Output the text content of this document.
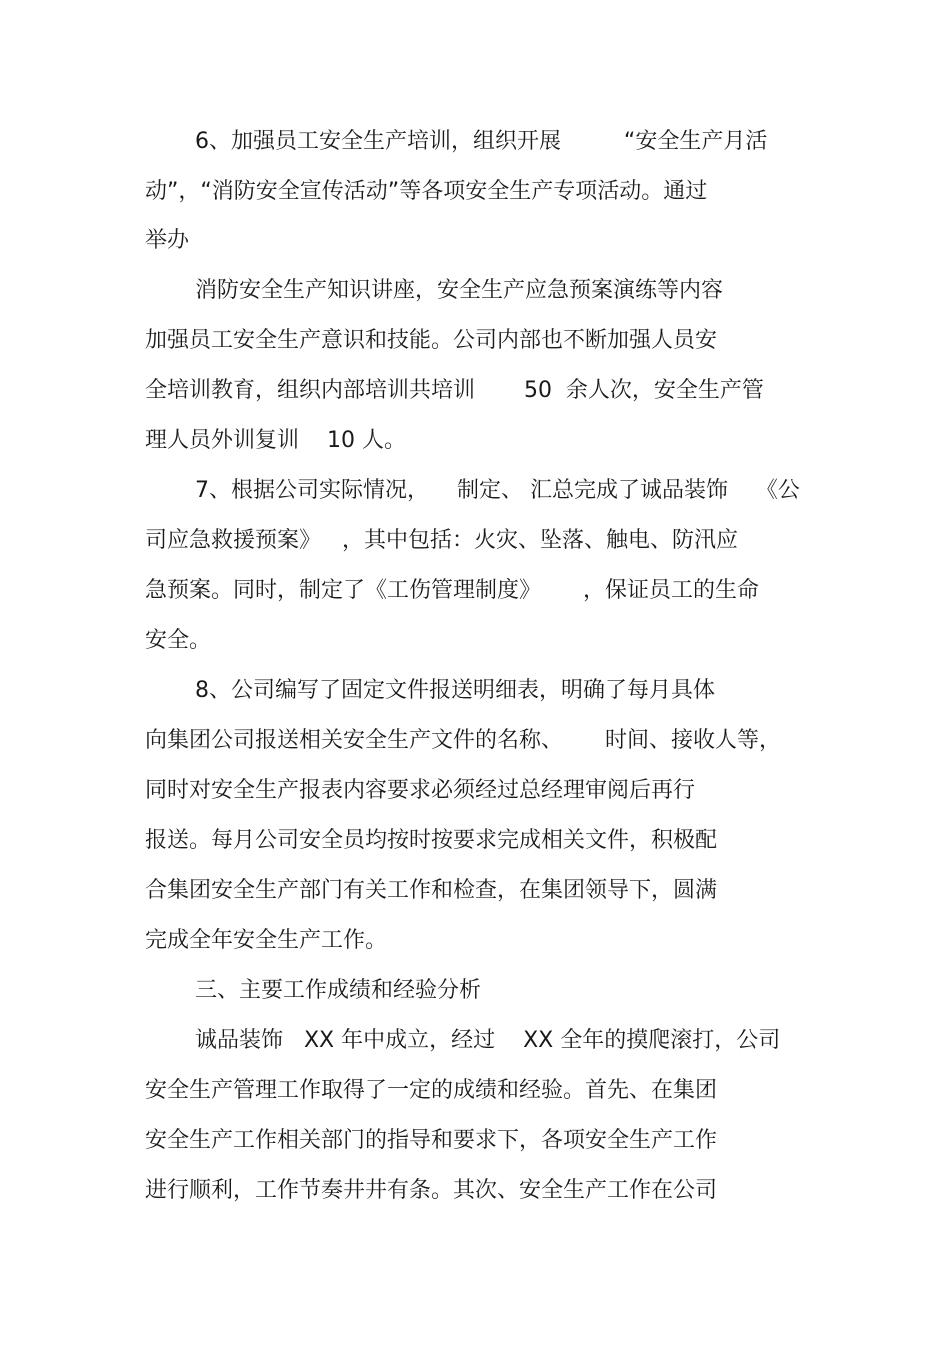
6、加强员工安全生产培训，组织开展         “安全生产月活
动”，“消防安全宣传活动”等各项安全生产专项活动。通过
举办
消防安全生产知识讲座，安全生产应急预案演练等内容
加强员工安全生产意识和技能。公司内部也不断加强人员安
全培训教育，组织内部培训共培训       50  余人次，安全生产管
理人员外训复训    10 人。
7、根据公司实际情况，    制定、 汇总完成了诚品装饰    《公
司应急救援预案》   ，其中包括：火灾、坠落、触电、防汛应
急预案。同时，制定了《工伤管理制度》      ，保证员工的生命
安全。
8、公司编写了固定文件报送明细表，明确了每月具体
向集团公司报送相关安全生产文件的名称、      时间、接收人等，
同时对安全生产报表内容要求必须经过总经理审阅后再行
报送。每月公司安全员均按时按要求完成相关文件，积极配
合集团安全生产部门有关工作和检查，在集团领导下，圆满
完成全年安全生产工作。
三、主要工作成绩和经验分析
诚品装饰   XX 年中成立，经过    XX 全年的摸爬滚打，公司
安全生产管理工作取得了一定的成绩和经验。首先、在集团
安全生产工作相关部门的指导和要求下，各项安全生产工作
进行顺利，工作节奏井井有条。其次、安全生产工作在公司
